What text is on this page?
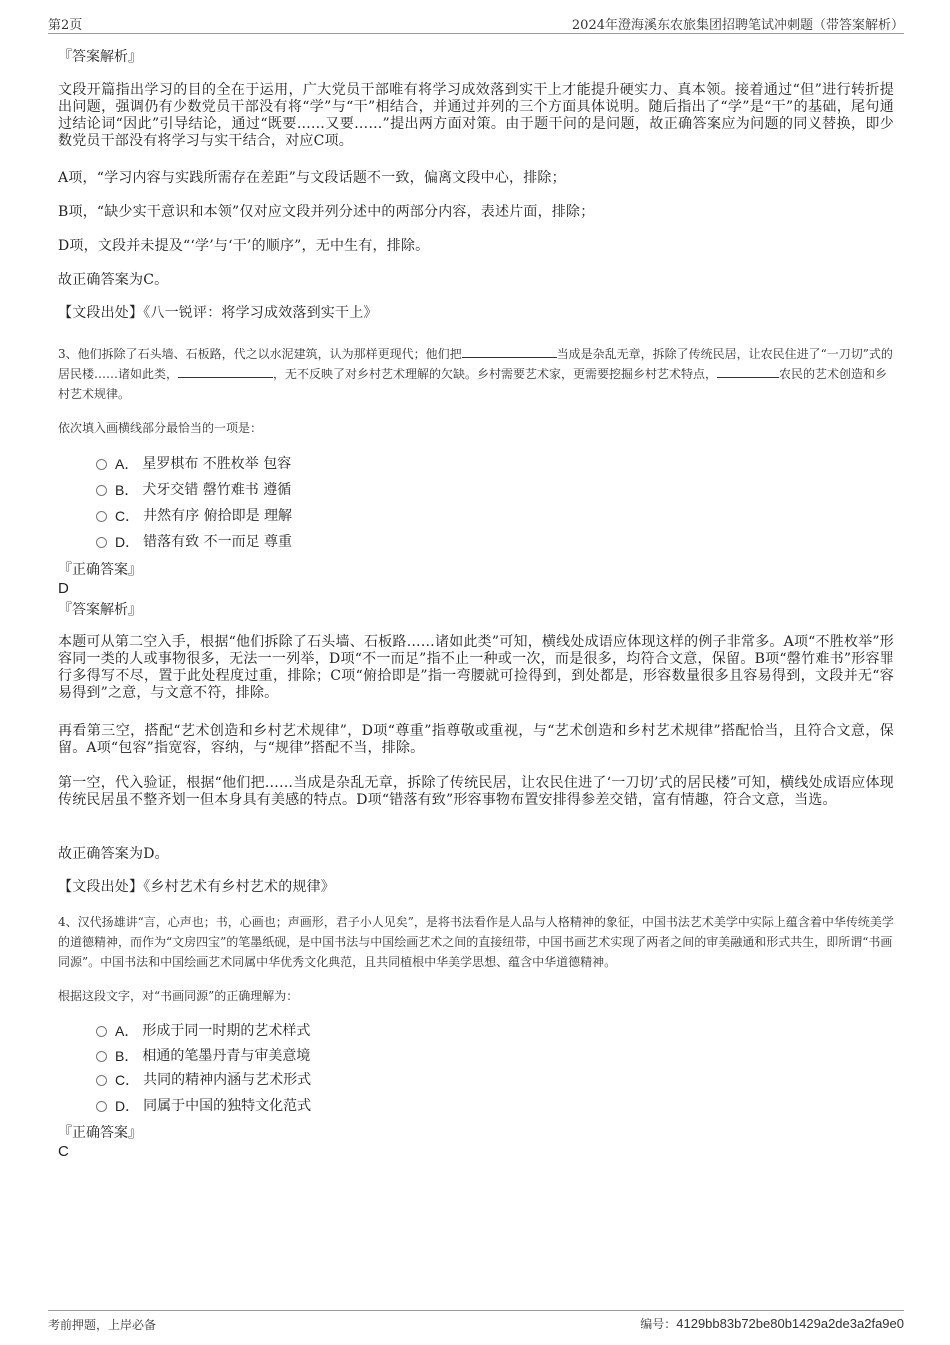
第2页	2024年澄海溪东农旅集团招聘笔试冲刺题（带答案解析）
『答案解析』
文段开篇指出学习的目的全在于运用，广大党员干部唯有将学习成效落到实干上才能提升硬实力、真本领。接着通过“但”进行转折提出问题，强调仍有少数党员干部没有将“学”与“干”相结合，并通过并列的三个方面具体说明。随后指出了“学”是“干”的基础，尾句通过结论词“因此”引导结论，通过“既要……又要……”提出两方面对策。由于题干问的是问题，故正确答案应为问题的同义替换，即少数党员干部没有将学习与实干结合，对应C项。
A项，“学习内容与实践所需存在差距”与文段话题不一致，偏离文段中心，排除；
B项，“缺少实干意识和本领”仅对应文段并列分述中的两部分内容，表述片面，排除；
D项，文段并未提及“‘学’与‘干’的顺序”，无中生有，排除。
故正确答案为C。
【文段出处】《八一锐评：将学习成效落到实干上》
3、他们拆除了石头墙、石板路，代之以水泥建筑，认为那样更现代；他们把	当成是杂乱无章，拆除了传统民居，让农民住进了“一刀切”式的居民楼……诸如此类，	，无不反映了对乡村艺术理解的欠缺。乡村需要艺术家，更需要挖掘乡村艺术特点，	农民的艺术创造和乡村艺术规律。
依次填入画横线部分最恰当的一项是：
A． 星罗棋布 不胜枚举 包容
B． 犬牙交错 罄竹难书 遵循
C． 井然有序 俯拾即是 理解
D． 错落有致 不一而足 尊重
『正确答案』
D
『答案解析』
本题可从第二空入手，根据“他们拆除了石头墙、石板路……诸如此类”可知，横线处成语应体现这样的例子非常多。A项“不胜枚举”形容同一类的人或事物很多，无法一一列举，D项“不一而足”指不止一种或一次，而是很多，均符合文意，保留。B项“罄竹难书”形容罪行多得写不尽，置于此处程度过重，排除；C项“俯拾即是”指一弯腰就可捡得到，到处都是，形容数量很多且容易得到，文段并无“容易得到”之意，与文意不符，排除。
再看第三空，搭配“艺术创造和乡村艺术规律”，D项“尊重”指尊敬或重视，与“艺术创造和乡村艺术规律”搭配恰当，且符合文意，保留。A项“包容”指宽容，容纳，与“规律”搭配不当，排除。
第一空，代入验证，根据“他们把……当成是杂乱无章，拆除了传统民居，让农民住进了‘一刀切’式的居民楼”可知，横线处成语应体现传统民居虽不整齐划一但本身具有美感的特点。D项“错落有致”形容事物布置安排得参差交错，富有情趣，符合文意，当选。
故正确答案为D。
【文段出处】《乡村艺术有乡村艺术的规律》
4、汉代扬雄讲“言，心声也；书，心画也；声画形，君子小人见矣”，是将书法看作是人品与人格精神的象征，中国书法艺术美学中实际上蕴含着中华传统美学的道德精神，而作为“文房四宝”的笔墨纸砚，是中国书法与中国绘画艺术之间的直接纽带，中国书画艺术实现了两者之间的审美融通和形式共生，即所谓“书画同源”。中国书法和中国绘画艺术同属中华优秀文化典范，且共同植根中华美学思想、蕴含中华道德精神。
根据这段文字，对“书画同源”的正确理解为：
A． 形成于同一时期的艺术样式
B． 相通的笔墨丹青与审美意境
C． 共同的精神内涵与艺术形式
D． 同属于中国的独特文化范式
『正确答案』
C
考前押题，上岸必备	编号：4129bb83b72be80b1429a2de3a2fa9e0
